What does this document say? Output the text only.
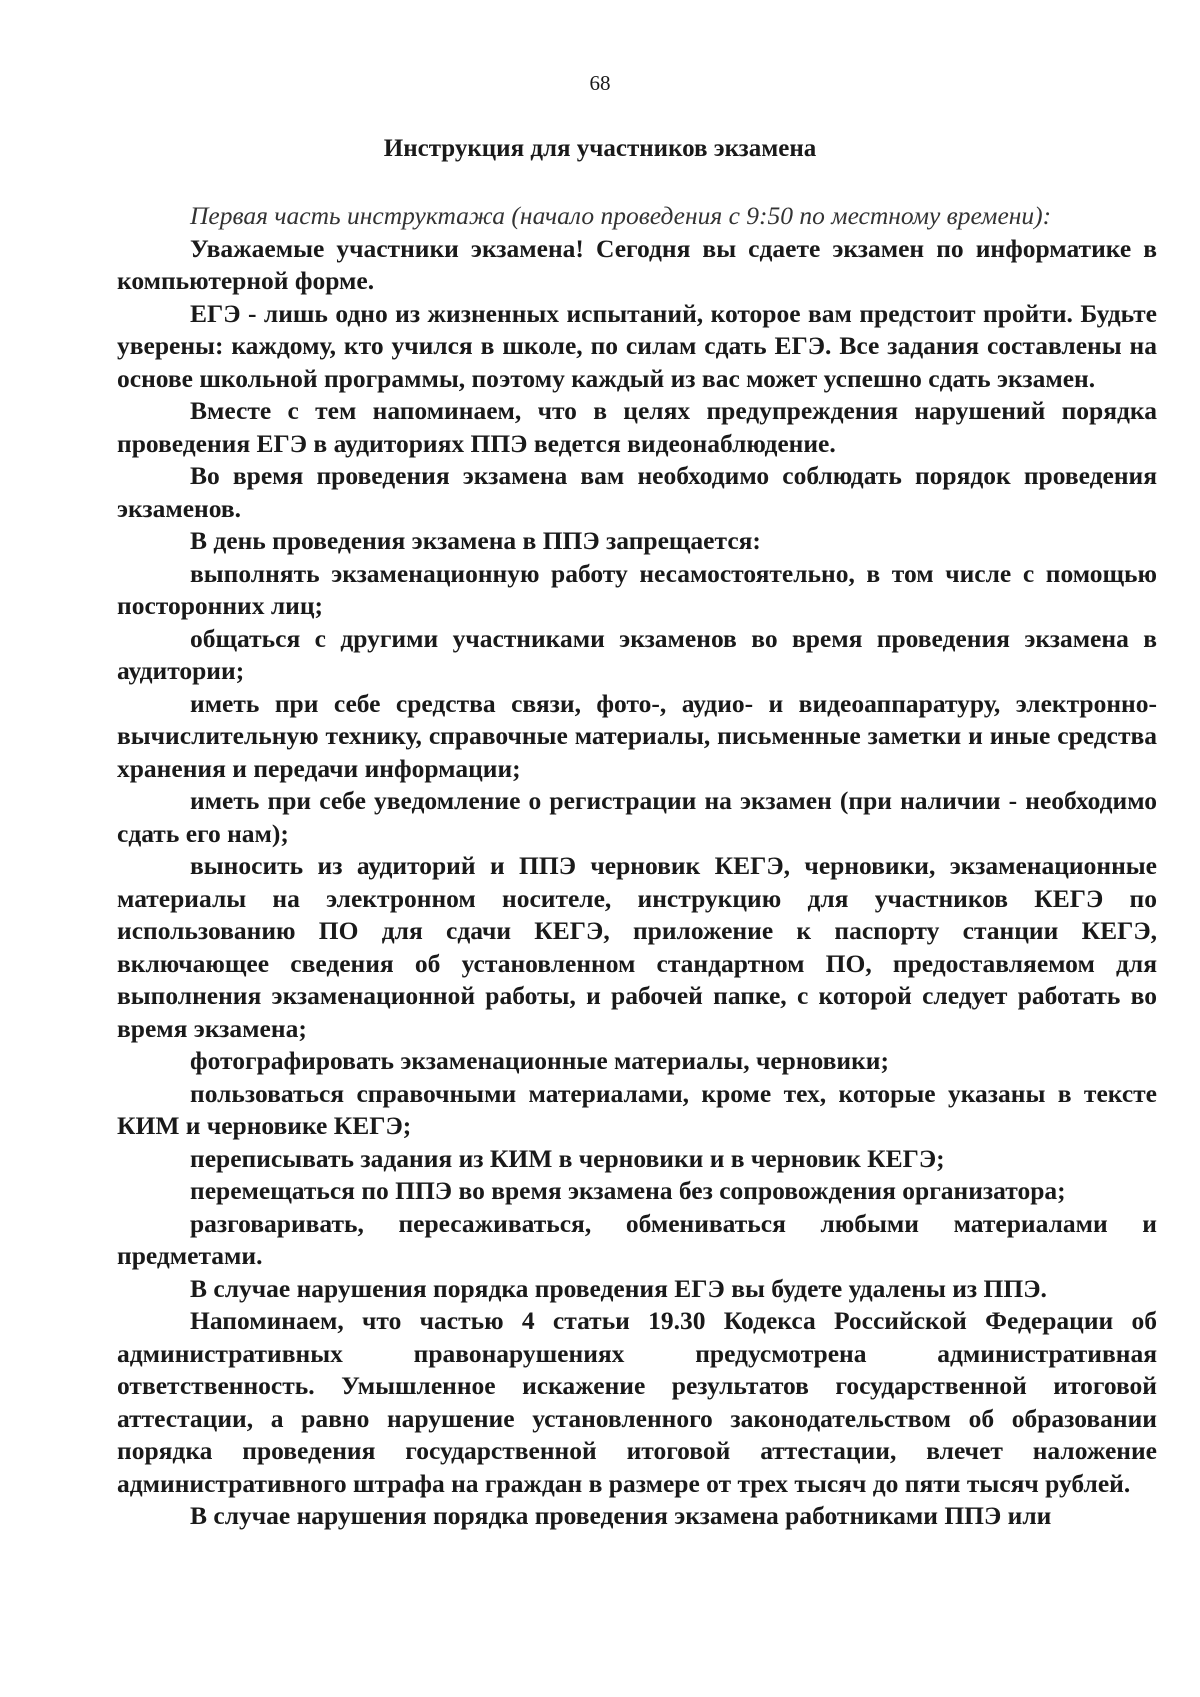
68
Инструкция для участников экзамена

Первая часть инструктажа (начало проведения с 9:50 по местному времени):

Уважаемые участники экзамена! Сегодня вы сдаете экзамен по информатике в компьютерной форме.

ЕГЭ - лишь одно из жизненных испытаний, которое вам предстоит пройти. Будьте уверены: каждому, кто учился в школе, по силам сдать ЕГЭ. Все задания составлены на основе школьной программы, поэтому каждый из вас может успешно сдать экзамен.

Вместе с тем напоминаем, что в целях предупреждения нарушений порядка проведения ЕГЭ в аудиториях ППЭ ведется видеонаблюдение.

Во время проведения экзамена вам необходимо соблюдать порядок проведения экзаменов.

В день проведения экзамена в ППЭ запрещается:

выполнять экзаменационную работу несамостоятельно, в том числе с помощью посторонних лиц;

общаться с другими участниками экзаменов во время проведения экзамена в аудитории;

иметь при себе средства связи, фото-, аудио- и видеоаппаратуру, электронно-вычислительную технику, справочные материалы, письменные заметки и иные средства хранения и передачи информации;

иметь при себе уведомление о регистрации на экзамен (при наличии - необходимо сдать его нам);

выносить из аудиторий и ППЭ черновик КЕГЭ, черновики, экзаменационные материалы на электронном носителе, инструкцию для участников КЕГЭ по использованию ПО для сдачи КЕГЭ, приложение к паспорту станции КЕГЭ, включающее сведения об установленном стандартном ПО, предоставляемом для выполнения экзаменационной работы, и рабочей папке, с которой следует работать во время экзамена;

фотографировать экзаменационные материалы, черновики;

пользоваться справочными материалами, кроме тех, которые указаны в тексте КИМ и черновике КЕГЭ;

переписывать задания из КИМ в черновики и в черновик КЕГЭ;

перемещаться по ППЭ во время экзамена без сопровождения организатора;

разговаривать, пересаживаться, обмениваться любыми материалами и предметами.

В случае нарушения порядка проведения ЕГЭ вы будете удалены из ППЭ.

Напоминаем, что частью 4 статьи 19.30 Кодекса Российской Федерации об административных правонарушениях предусмотрена административная ответственность. Умышленное искажение результатов государственной итоговой аттестации, а равно нарушение установленного законодательством об образовании порядка проведения государственной итоговой аттестации, влечет наложение административного штрафа на граждан в размере от трех тысяч до пяти тысяч рублей.

В случае нарушения порядка проведения экзамена работниками ППЭ или
